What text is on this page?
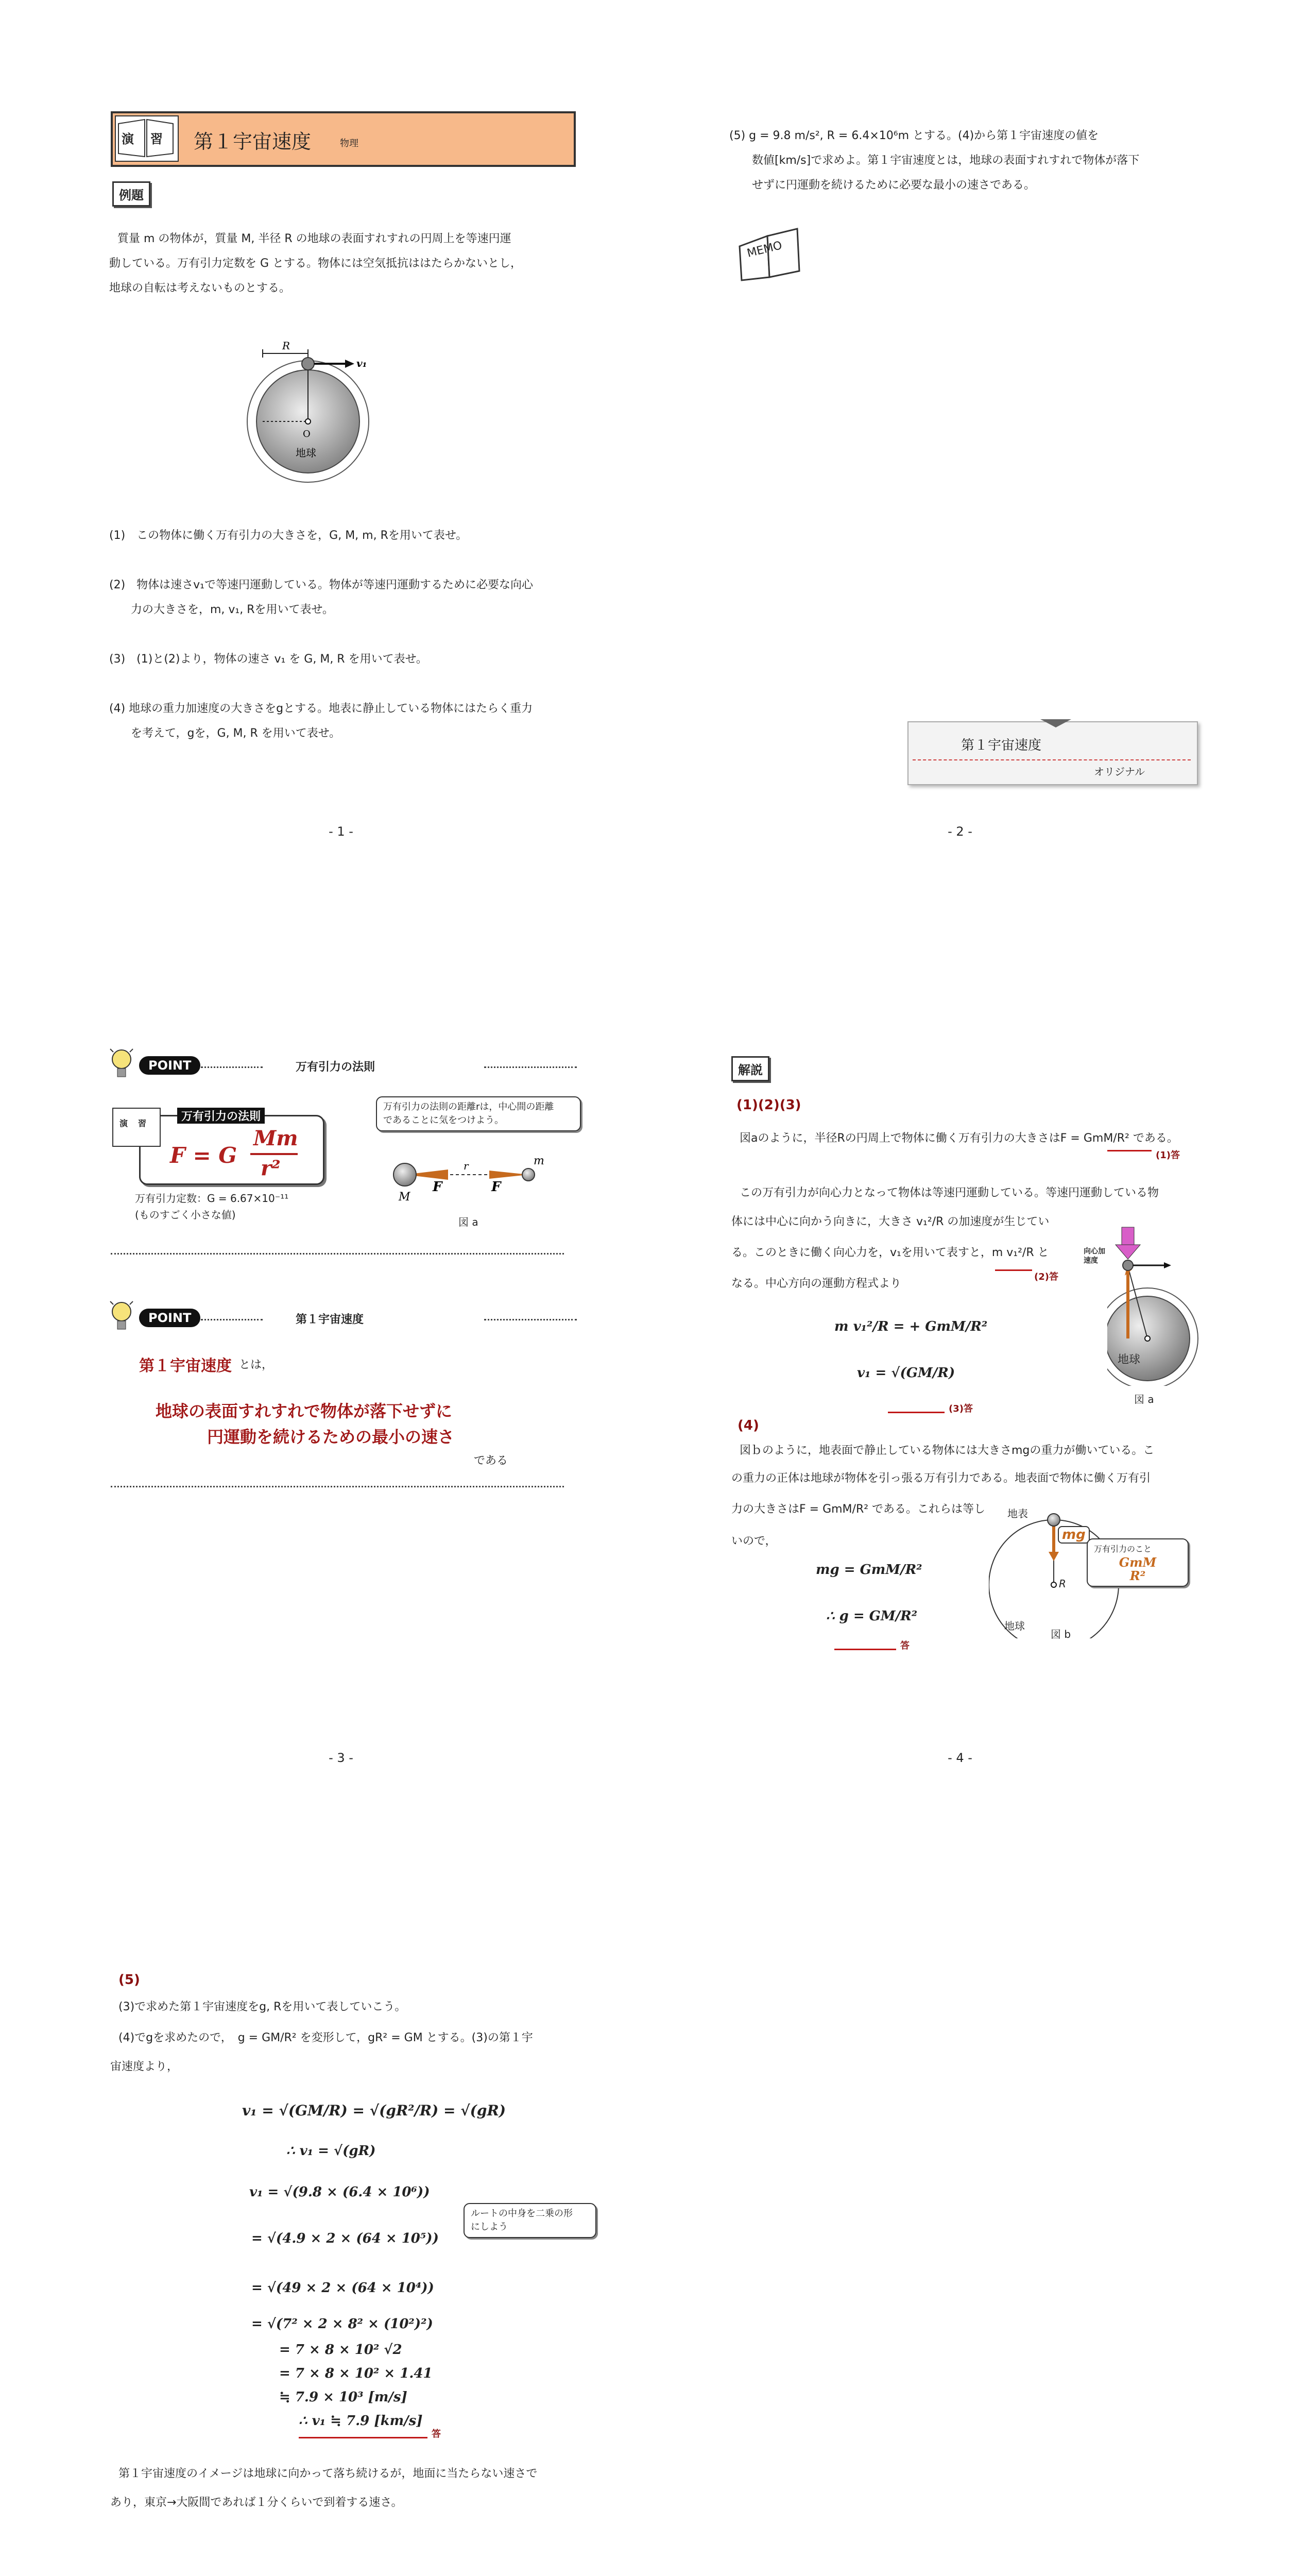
演 習 第１宇宙速度	物理
例題
質量 m の物体が，質量 M, 半径 R の地球の表面すれすれの円周上を等速円運
動している。万有引力定数を G とする。物体には空気抵抗ははたらかないとし，
地球の自転は考えないものとする。
R
v₁
O
地球
(1)　この物体に働く万有引力の大きさを，G, M, m, Rを用いて表せ。
(2)　物体は速さv₁で等速円運動している。物体が等速円運動するために必要な向心
力の大きさを，m, v₁, Rを用いて表せ。
(3)　(1)と(2)より，物体の速さ v₁ を G, M, R を用いて表せ。
(4) 地球の重力加速度の大きさをgとする。地表に静止している物体にはたらく重力
を考えて，gを，G, M, R を用いて表せ。
- 1 -
(5) g = 9.8 m/s², R = 6.4×10⁶m とする。(4)から第１宇宙速度の値を
数値[km/s]で求めよ。第１宇宙速度とは，地球の表面すれすれで物体が落下
せずに円運動を続けるために必要な最小の速さである。
MEMO
第１宇宙速度
オリジナル
- 2 -
POINT	万有引力の法則
演 習
万有引力の法則
F = G
Mm
r²
万有引力定数：G = 6.67×10⁻¹¹
(ものすごく小さな値)
万有引力の法則の距離rは，中心間の距離
であることに気をつけよう。
M
m
r
F	F
図 a
POINT	第１宇宙速度
第１宇宙速度 とは，
地球の表面すれすれで物体が落下せずに
円運動を続けるための最小の速さ
である
- 3 -
解説
(1)(2)(3)
図aのように，半径Rの円周上で物体に働く万有引力の大きさはF = GmM/R² である。
(1)答
この万有引力が向心力となって物体は等速円運動している。等速円運動している物
体には中心に向かう向きに，大きさ v₁²/R の加速度が生じてい
る。このときに働く向心力を，v₁を用いて表すと，m v₁²/R と
(2)答
なる。中心方向の運動方程式より
m v₁²/R = + GmM/R²
v₁ = √(GM/R)
(3)答
向心加速度
地球
図 a
(4)
図ｂのように，地表面で静止している物体には大きさmgの重力が働いている。こ
の重力の正体は地球が物体を引っ張る万有引力である。地表面で物体に働く万有引
力の大きさはF = GmM/R² である。これらは等し
いので，
mg = GmM/R²
∴ g = GM/R²
答
地表
mg
R
地球
図 b
万有引力のこと
GmM
R²
- 4 -
(5)
(3)で求めた第１宇宙速度をg, Rを用いて表していこう。
(4)でgを求めたので，　g = GM/R² を変形して，gR² = GM とする。(3)の第１宇
宙速度より，
v₁ = √(GM/R) = √(gR²/R) = √(gR)
∴ v₁ = √(gR)
v₁ = √(9.8 × (6.4 × 10⁶))
= √(4.9 × 2 × (64 × 10⁵))
= √(49 × 2 × (64 × 10⁴))
= √(7² × 2 × 8² × (10²)²)
= 7 × 8 × 10² √2
= 7 × 8 × 10² × 1.41
≒ 7.9 × 10³ [m/s]
∴ v₁ ≒ 7.9 [km/s]
答
ルートの中身を二乗の形
にしよう
第１宇宙速度のイメージは地球に向かって落ち続けるが，地面に当たらない速さで
あり，東京→大阪間であれば１分くらいで到着する速さ。
